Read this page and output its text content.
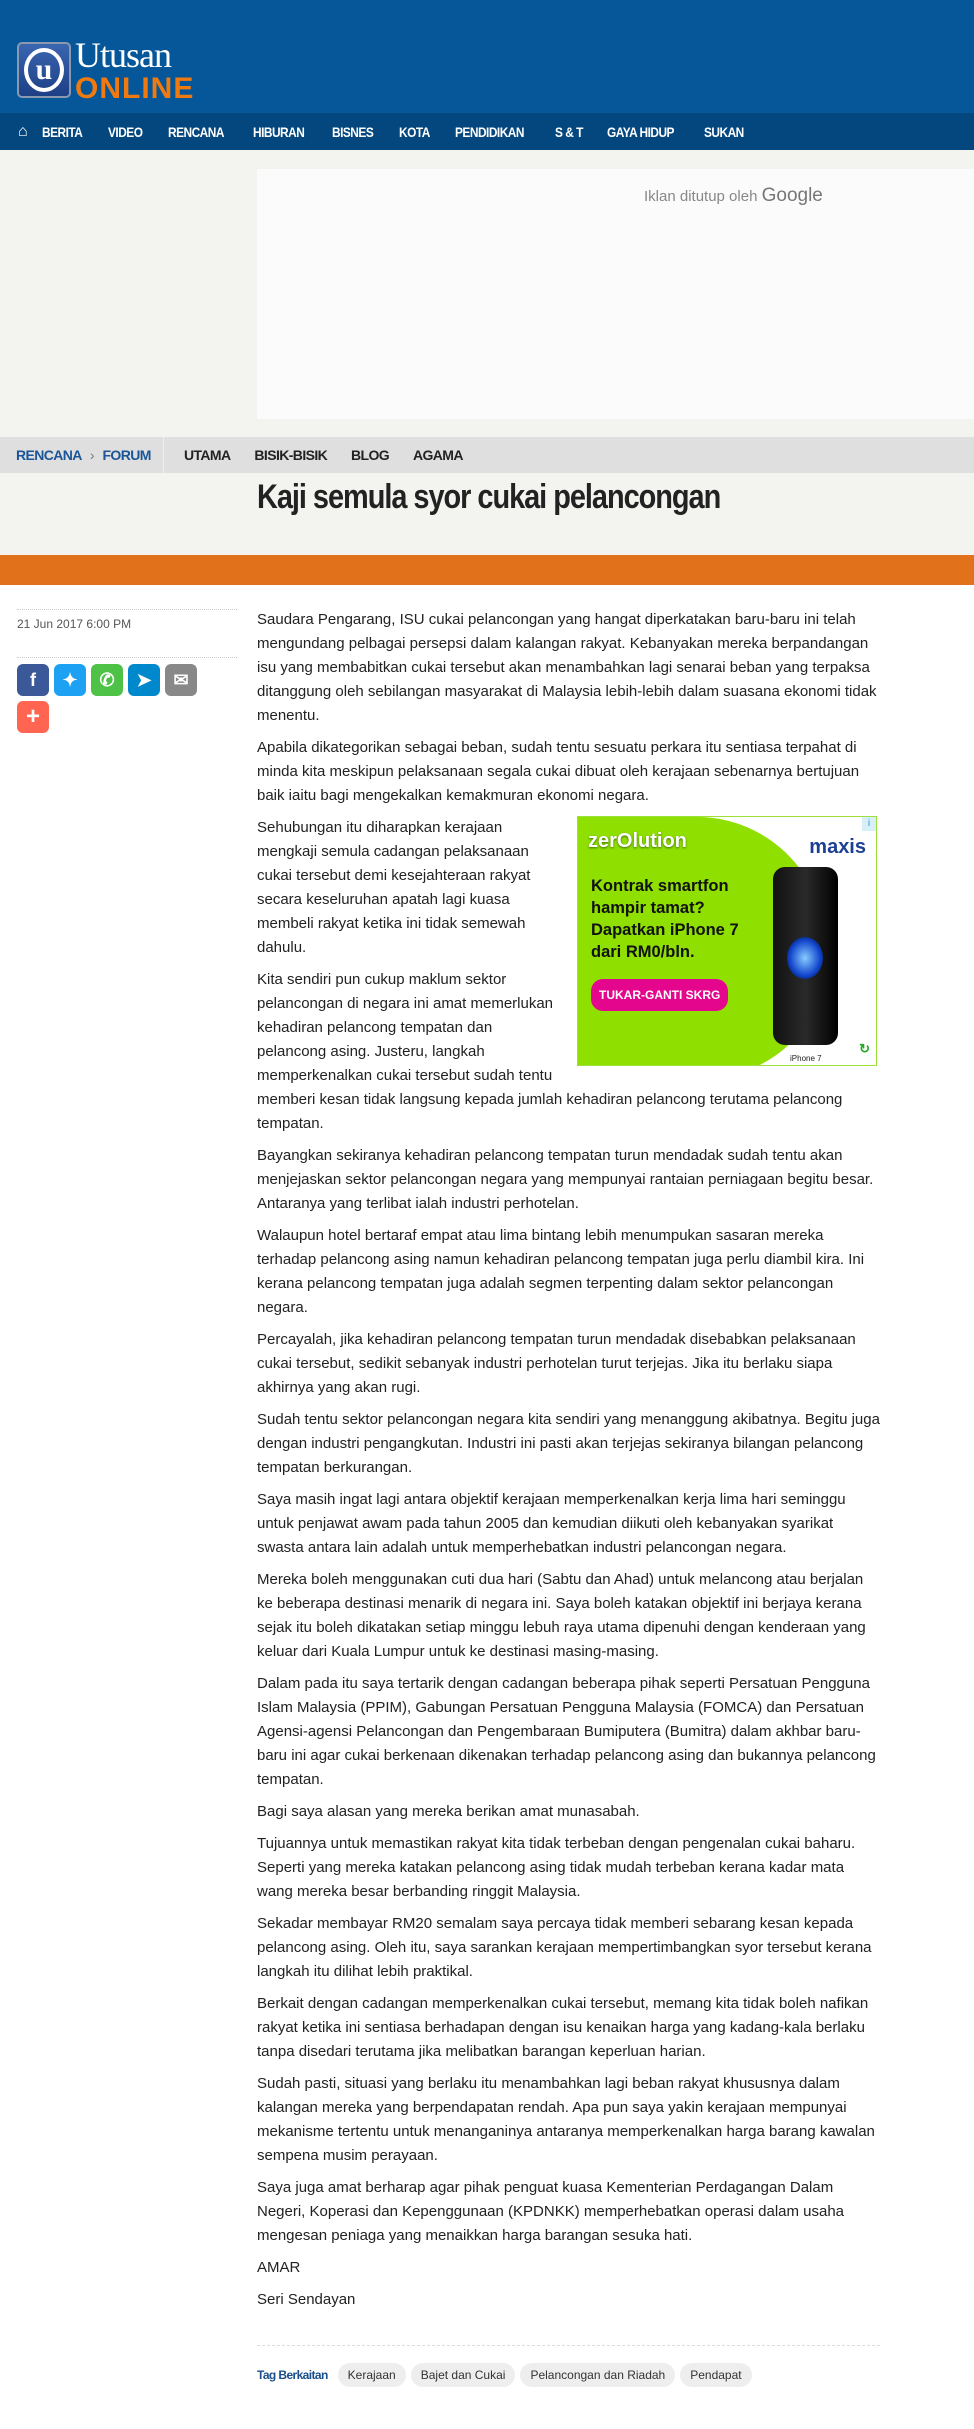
u Utusan
ONLINE
⌂ BERITA VIDEO RENCANA HIBURAN BISNES KOTA PENDIDIKAN S & T GAYA HIDUP SUKAN
Iklan ditutup oleh Google
RENCANA › FORUM	UTAMA BISIK-BISIK BLOG AGAMA
Kaji semula syor cukai pelancongan
21 Jun 2017 6:00 PM
f	✦	✆	➤	✉
+

Saudara Pengarang, ISU cukai pelancongan yang hangat diperkatakan baru-baru ini telah mengundang pelbagai persepsi dalam kalangan rakyat. Kebanyakan mereka berpandangan isu yang membabitkan cukai tersebut akan menambahkan lagi senarai beban yang terpaksa ditanggung oleh sebilangan masyarakat di Malaysia lebih-lebih dalam suasana ekonomi tidak menentu.

Apabila dikategorikan sebagai beban, sudah tentu sesuatu perkara itu sentiasa terpahat di minda kita meskipun pelaksanaan segala cukai dibuat oleh kerajaan sebenarnya bertujuan baik iaitu bagi mengekalkan kemakmuran ekonomi negara.

zerOlution	maxis
i
Kontrak smartfon hampir tamat? Dapatkan iPhone 7 dari RM0/bln.
TUKAR-GANTI SKRG
iPhone 7
↻

Sehubungan itu diharapkan kerajaan mengkaji semula cadangan pelaksanaan cukai tersebut demi kesejahteraan rakyat secara keseluruhan apatah lagi kuasa membeli rakyat ketika ini tidak semewah dahulu.

Kita sendiri pun cukup maklum sektor pelancongan di negara ini amat memerlukan kehadiran pelancong tempatan dan pelancong asing. Justeru, langkah memperkenalkan cukai tersebut sudah tentu memberi kesan tidak langsung kepada jumlah kehadiran pelancong terutama pelancong tempatan.

Bayangkan sekiranya kehadiran pelancong tempatan turun mendadak sudah tentu akan menjejaskan sektor pelancongan negara yang mempunyai rantaian perniagaan begitu besar. Antaranya yang terlibat ialah industri perhotelan.

Walaupun hotel bertaraf empat atau lima bintang lebih menumpukan sasaran mereka terhadap pelancong asing namun kehadiran pelancong tempatan juga perlu diambil kira. Ini kerana pelancong tempatan juga adalah segmen terpenting dalam sektor pelancongan negara.

Percayalah, jika kehadiran pelancong tempatan turun mendadak disebabkan pelaksanaan cukai tersebut, sedikit sebanyak industri perhotelan turut terjejas. Jika itu berlaku siapa akhirnya yang akan rugi.

Sudah tentu sektor pelancongan negara kita sendiri yang menanggung akibatnya. Begitu juga dengan industri pengangkutan. Industri ini pasti akan terjejas sekiranya bilangan pelancong tempatan berkurangan.

Saya masih ingat lagi antara objektif kerajaan memperkenalkan kerja lima hari seminggu untuk penjawat awam pada tahun 2005 dan kemudian diikuti oleh kebanyakan syarikat swasta antara lain adalah untuk memperhebatkan industri pelancongan negara.

Mereka boleh menggunakan cuti dua hari (Sabtu dan Ahad) untuk melancong atau berjalan ke beberapa destinasi menarik di negara ini. Saya boleh katakan objektif ini berjaya kerana sejak itu boleh dikatakan setiap minggu lebuh raya utama dipenuhi dengan kenderaan yang keluar dari Kuala Lumpur untuk ke destinasi masing-masing.

Dalam pada itu saya tertarik dengan cadangan beberapa pihak seperti Persatuan Pengguna Islam Malaysia (PPIM), Gabungan Persatuan Pengguna Malaysia (FOMCA) dan Persatuan Agensi-agensi Pelancongan dan Pengembaraan Bumiputera (Bumitra) dalam akhbar baru-baru ini agar cukai berkenaan dikenakan terhadap pelancong asing dan bukannya pelancong tempatan.

Bagi saya alasan yang mereka berikan amat munasabah.

Tujuannya untuk memastikan rakyat kita tidak terbeban dengan pengenalan cukai baharu. Seperti yang mereka katakan pelancong asing tidak mudah terbeban kerana kadar mata wang mereka besar berbanding ringgit Malaysia.

Sekadar membayar RM20 semalam saya percaya tidak memberi sebarang kesan kepada pelancong asing. Oleh itu, saya sarankan kerajaan mempertimbangkan syor tersebut kerana langkah itu dilihat lebih praktikal.

Berkait dengan cadangan memperkenalkan cukai tersebut, memang kita tidak boleh nafikan rakyat ketika ini sentiasa berhadapan dengan isu kenaikan harga yang kadang-kala berlaku tanpa disedari terutama jika melibatkan barangan keperluan harian.

Sudah pasti, situasi yang berlaku itu menambahkan lagi beban rakyat khususnya dalam kalangan mereka yang berpendapatan rendah. Apa pun saya yakin kerajaan mempunyai mekanisme tertentu untuk menanganinya antaranya memperkenalkan harga barang kawalan sempena musim perayaan.

Saya juga amat berharap agar pihak penguat kuasa Kementerian Perdagangan Dalam Negeri, Koperasi dan Kepenggunaan (KPDNKK) memperhebatkan operasi dalam usaha mengesan peniaga yang menaikkan harga barangan sesuka hati.

AMAR

Seri Sendayan

Tag Berkaitan	Kerajaan	Bajet dan Cukai	Pelancongan dan Riadah	Pendapat
